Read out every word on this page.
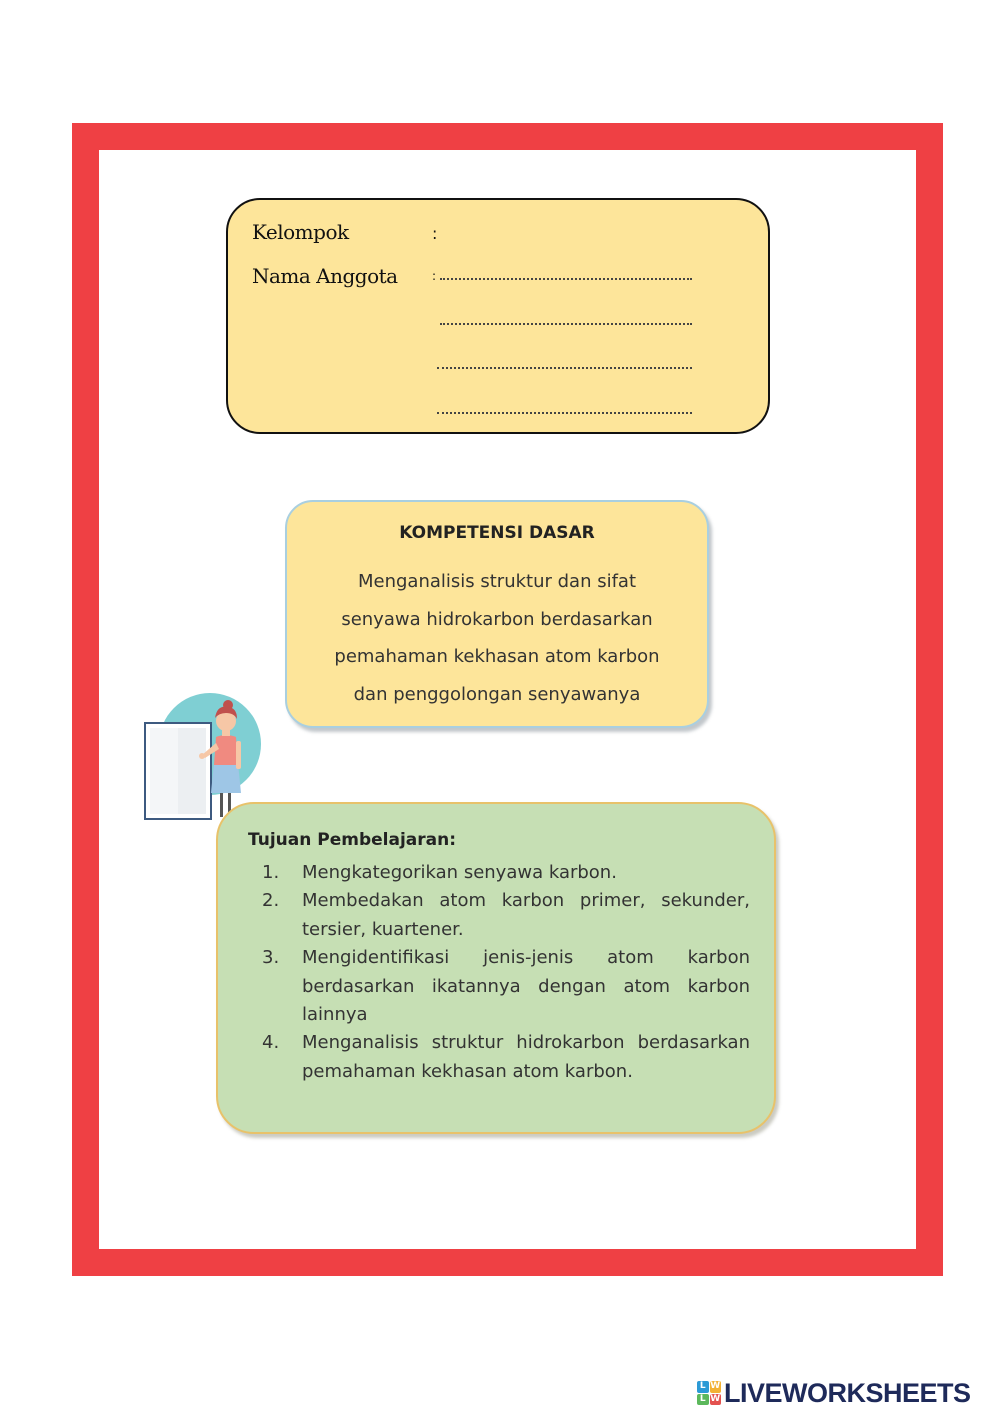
Kelompok	:
Nama Anggota	:
KOMPETENSI DASAR
Menganalisis struktur dan sifat
senyawa hidrokarbon berdasarkan
pemahaman kekhasan atom karbon
dan penggolongan senyawanya
Tujuan Pembelajaran:
1. Mengkategorikan senyawa karbon.
2. Membedakan atom karbon primer, sekunder, tersier, kuartener.
3. Mengidentifikasi jenis-jenis atom karbon berdasarkan ikatannya dengan atom karbon lainnya
4. Menganalisis struktur hidrokarbon berdasarkan pemahaman kekhasan atom karbon.
L W
L W LIVEWORKSHEETS
